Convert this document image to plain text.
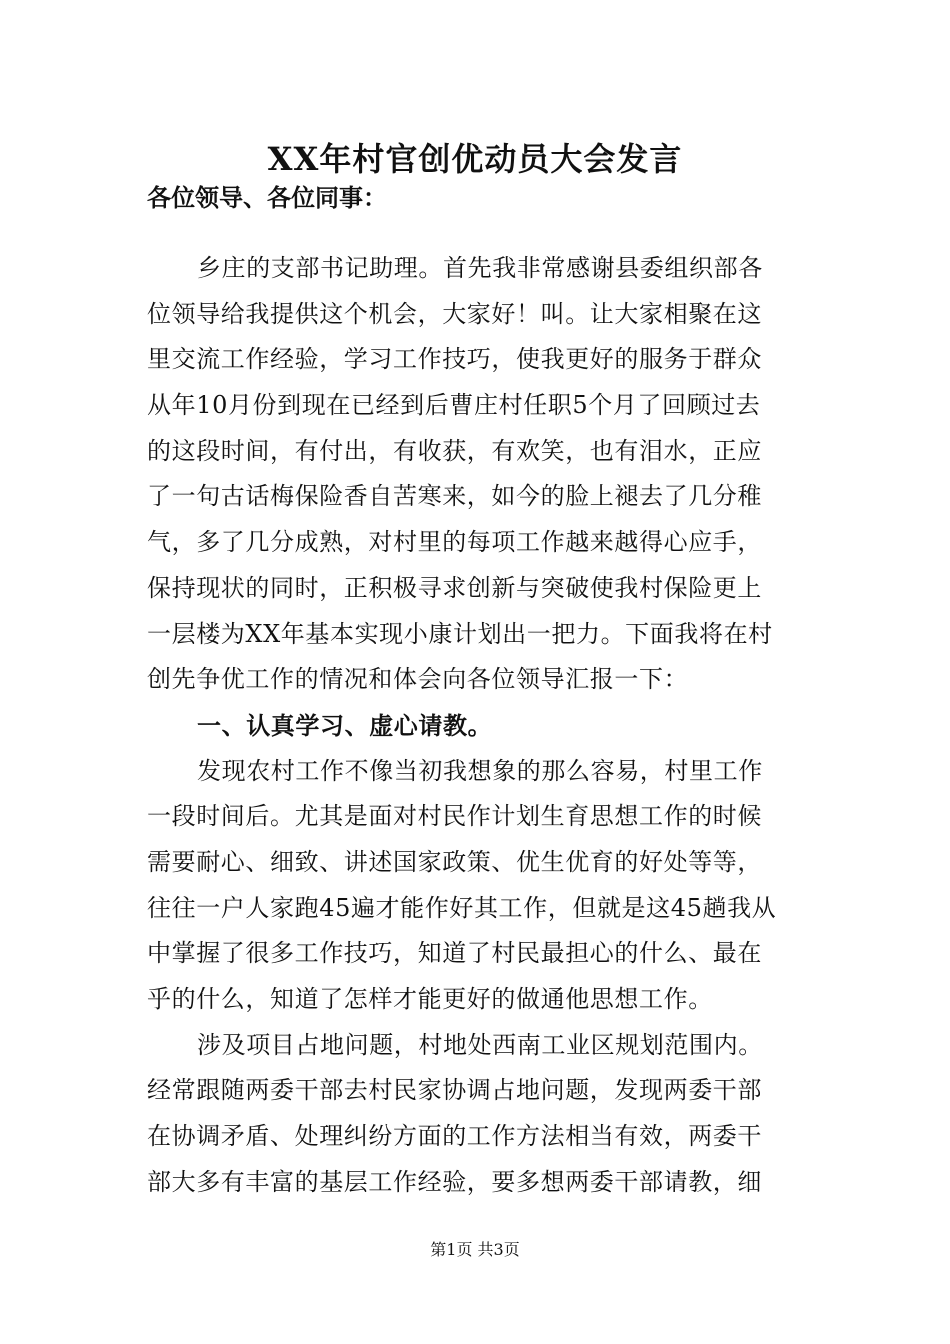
XX年村官创优动员大会发言
各位领导、各位同事：
乡庄的支部书记助理。首先我非常感谢县委组织部各
位领导给我提供这个机会，大家好！叫。让大家相聚在这
里交流工作经验，学习工作技巧，使我更好的服务于群众
从年10月份到现在已经到后曹庄村任职5个月了回顾过去
的这段时间，有付出，有收获，有欢笑，也有泪水，正应
了一句古话梅保险香自苦寒来，如今的脸上褪去了几分稚
气，多了几分成熟，对村里的每项工作越来越得心应手，
保持现状的同时，正积极寻求创新与突破使我村保险更上
一层楼为XX年基本实现小康计划出一把力。下面我将在村
创先争优工作的情况和体会向各位领导汇报一下：
一、认真学习、虚心请教。
发现农村工作不像当初我想象的那么容易，村里工作
一段时间后。尤其是面对村民作计划生育思想工作的时候
需要耐心、细致、讲述国家政策、优生优育的好处等等，
往往一户人家跑45遍才能作好其工作，但就是这45趟我从
中掌握了很多工作技巧，知道了村民最担心的什么、最在
乎的什么，知道了怎样才能更好的做通他思想工作。
涉及项目占地问题，村地处西南工业区规划范围内。
经常跟随两委干部去村民家协调占地问题，发现两委干部
在协调矛盾、处理纠纷方面的工作方法相当有效，两委干
部大多有丰富的基层工作经验，要多想两委干部请教，细
第1页 共3页
